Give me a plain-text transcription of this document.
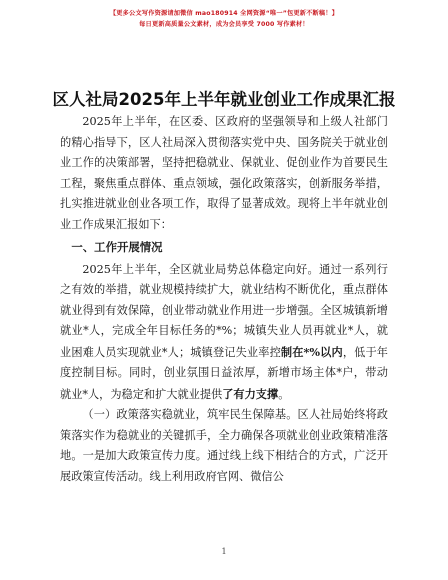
【更多公文写作资源请加微信 mao180914 全网资源“唯一”包更新不断稿！】
每日更新高质量公文素材，成为会员享受 7000 写作素材！
区人社局2025年上半年就业创业工作成果汇报

2025年上半年，在区委、区政府的坚强领导和上级人社部门的精心指导下，区人社局深入贯彻落实党中央、国务院关于就业创业工作的决策部署，坚持把稳就业、保就业、促创业作为首要民生工程，聚焦重点群体、重点领域，强化政策落实，创新服务举措，扎实推进就业创业各项工作，取得了显著成效。现将上半年就业创业工作成果汇报如下：

一、工作开展情况

2025年上半年，全区就业局势总体稳定向好。通过一系列行之有效的举措，就业规模持续扩大，就业结构不断优化，重点群体就业得到有效保障，创业带动就业作用进一步增强。全区城镇新增就业*人，完成全年目标任务的*%；城镇失业人员再就业*人，就业困难人员实现就业*人；城镇登记失业率控制在*%以内，低于年度控制目标。同时，创业氛围日益浓厚，新增市场主体*户，带动就业*人，为稳定和扩大就业提供了有力支撑。

（一）政策落实稳就业，筑牢民生保障基。区人社局始终将政策落实作为稳就业的关键抓手，全力确保各项就业创业政策精准落地。一是加大政策宣传力度。通过线上线下相结合的方式，广泛开展政策宣传活动。线上利用政府官网、微信公

1
